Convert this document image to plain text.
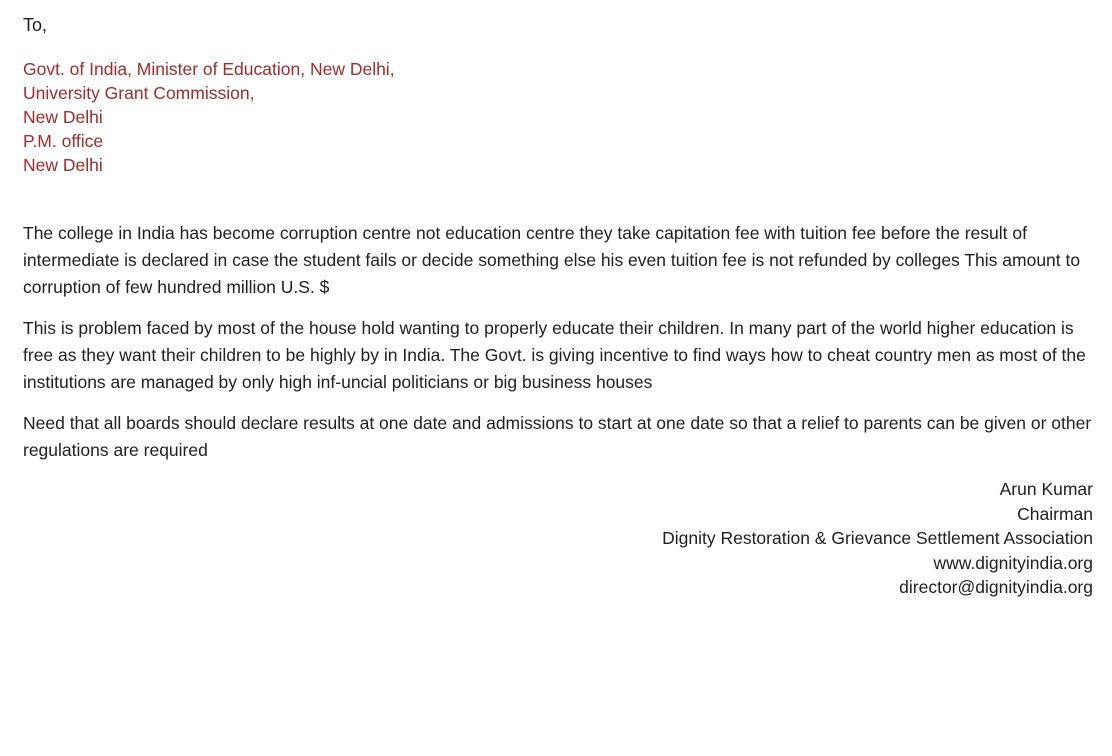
To,
Govt. of India, Minister of Education, New Delhi,
University Grant Commission,
New Delhi
P.M. office
New Delhi

The college in India has become corruption centre not education centre they take capitation fee with tuition fee before the result of intermediate is declared in case the student fails or decide something else his even tuition fee is not refunded by colleges This amount to corruption of few hundred million U.S. $

This is problem faced by most of the house hold wanting to properly educate their children. In many part of the world higher education is free as they want their children to be highly by in India. The Govt. is giving incentive to find ways how to cheat country men as most of the institutions are managed by only high inf-uncial politicians or big business houses

Need that all boards should declare results at one date and admissions to start at one date so that a relief to parents can be given or other regulations are required

Arun Kumar
Chairman
Dignity Restoration & Grievance Settlement Association
www.dignityindia.org
director@dignityindia.org
